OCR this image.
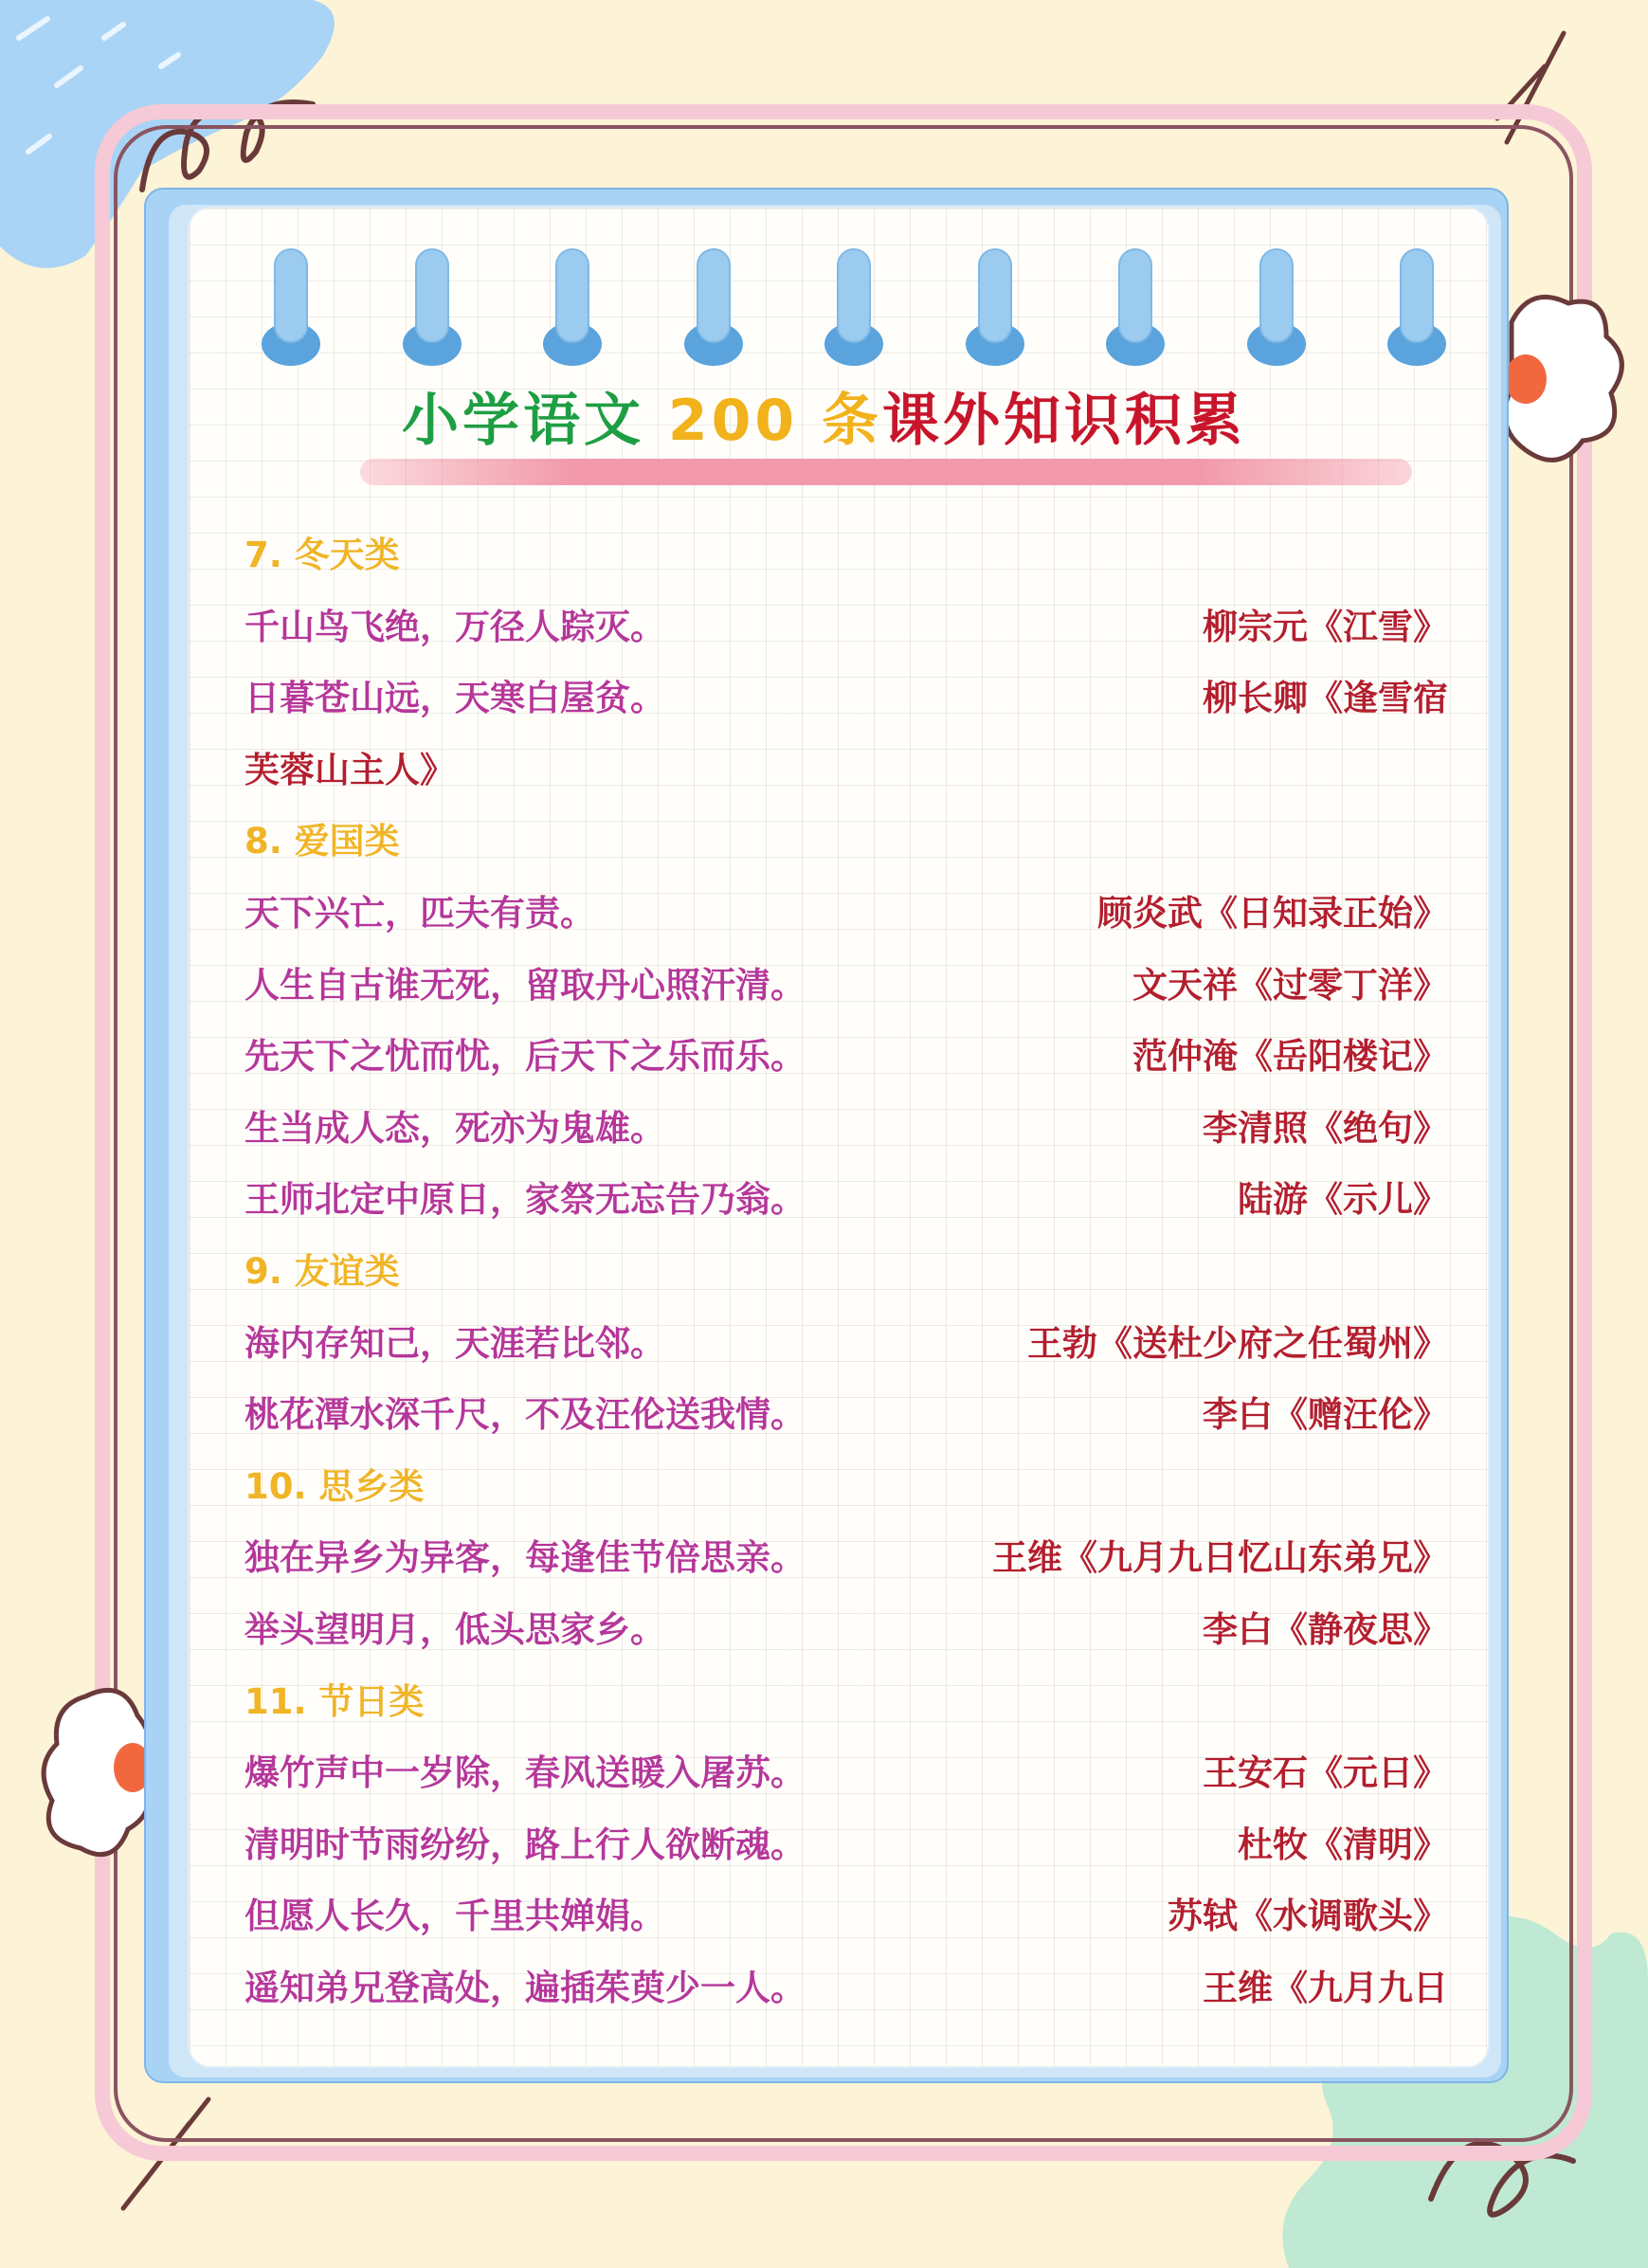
小学语文 200 条课外知识积累
7. 冬天类
千山鸟飞绝，万径人踪灭。	柳宗元《江雪》
日暮苍山远，天寒白屋贫。	柳长卿《逢雪宿
芙蓉山主人》
8. 爱国类
天下兴亡，匹夫有责。	顾炎武《日知录正始》
人生自古谁无死，留取丹心照汗清。	文天祥《过零丁洋》
先天下之忧而忧，后天下之乐而乐。	范仲淹《岳阳楼记》
生当成人态，死亦为鬼雄。	李清照《绝句》
王师北定中原日，家祭无忘告乃翁。	陆游《示儿》
9. 友谊类
海内存知己，天涯若比邻。	王勃《送杜少府之任蜀州》
桃花潭水深千尺，不及汪伦送我情。	李白《赠汪伦》
10. 思乡类
独在异乡为异客，每逢佳节倍思亲。	王维《九月九日忆山东弟兄》
举头望明月，低头思家乡。	李白《静夜思》
11. 节日类
爆竹声中一岁除，春风送暖入屠苏。	王安石《元日》
清明时节雨纷纷，路上行人欲断魂。	杜牧《清明》
但愿人长久，千里共婵娟。	苏轼《水调歌头》
遥知弟兄登高处，遍插茱萸少一人。	王维《九月九日
